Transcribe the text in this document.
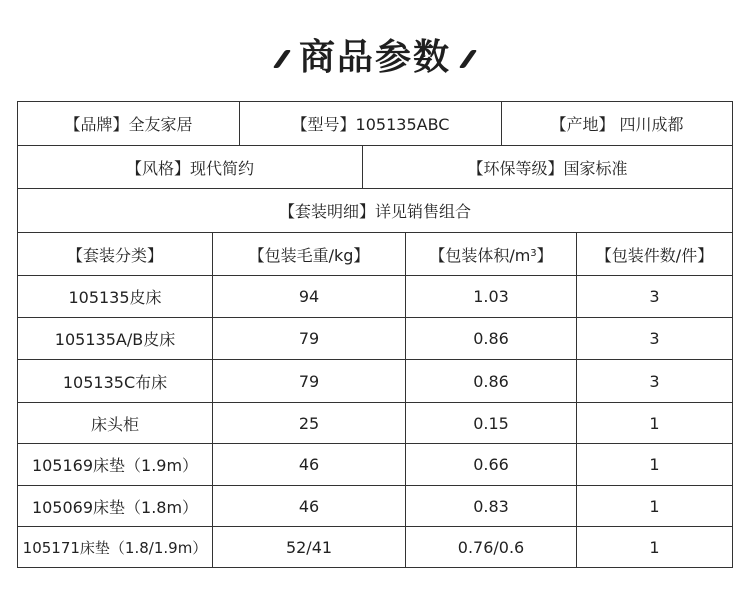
商品参数
【品牌】全友家居	【型号】105135ABC	【产地】 四川成都
【风格】现代简约	【环保等级】国家标准
【套装明细】详见销售组合
【套装分类】	【包装毛重/kg】	【包装体积/m 3 】	【包装件数/件】
105135皮床	94	1.03	3
105135A/B皮床	79	0.86	3
105135C布床	79	0.86	3
床头柜	25	0.15	1
105169床垫（1.9m）	46	0.66	1
105069床垫（1.8m）	46	0.83	1
105171床垫（1.8/1.9m）	52/41	0.76/0.6	1
